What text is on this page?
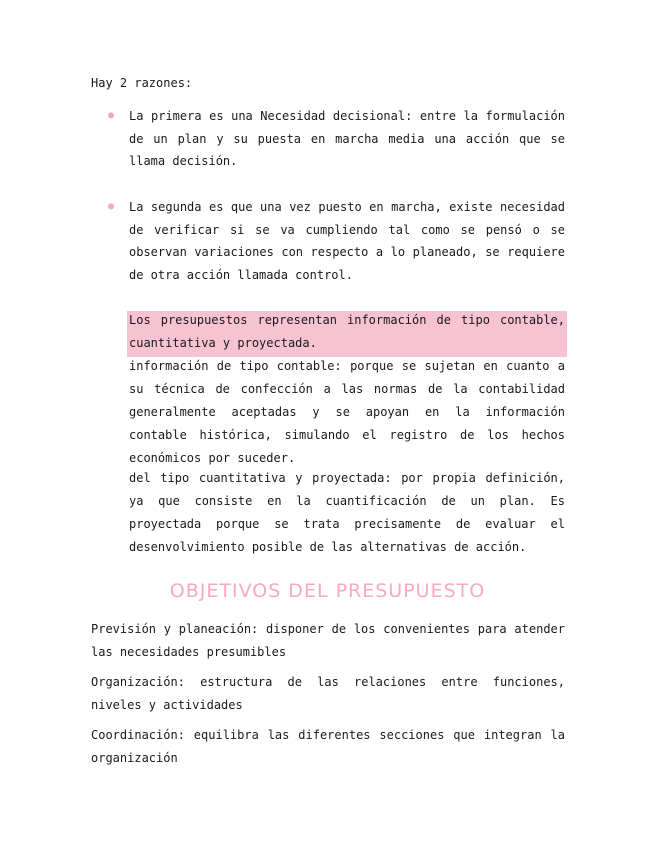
Hay 2 razones:
● La primera es una Necesidad decisional: entre la formulación de un plan y su puesta en marcha media una acción que se llama decisión.
● La segunda es que una vez puesto en marcha, existe necesidad de verificar si se va cumpliendo tal como se pensó o se observan variaciones con respecto a lo planeado, se requiere de otra acción llamada control.
Los presupuestos representan información de tipo contable, cuantitativa y proyectada.
información de tipo contable: porque se sujetan en cuanto a su técnica de confección a las normas de la contabilidad generalmente aceptadas y se apoyan en la información contable histórica, simulando el registro de los hechos económicos por suceder.
del tipo cuantitativa y proyectada: por propia definición, ya que consiste en la cuantificación de un plan. Es proyectada porque se trata precisamente de evaluar el desenvolvimiento posible de las alternativas de acción.
OBJETIVOS DEL PRESUPUESTO
Previsión y planeación: disponer de los convenientes para atender las necesidades presumibles
Organización: estructura de las relaciones entre funciones, niveles y actividades
Coordinación: equilibra las diferentes secciones que integran la organización
